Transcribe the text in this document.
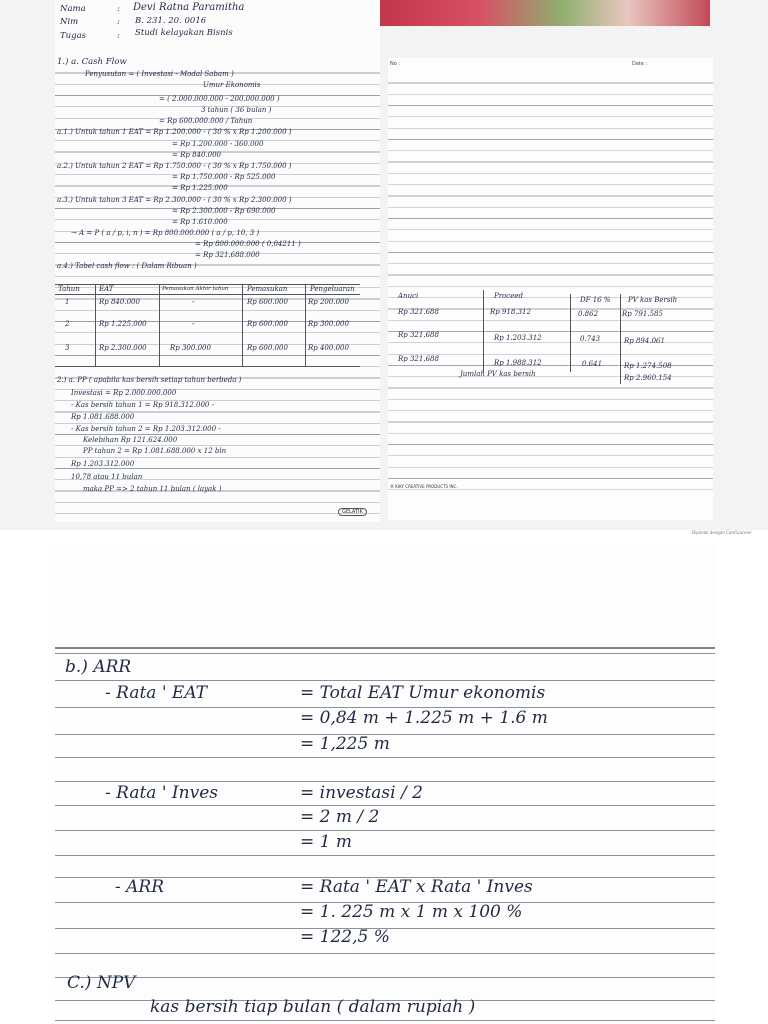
Nama	: Devi Ratna Paramitha
Nim	: B. 231. 20. 0016
Tugas	: Studi kelayakan Bisnis
1.) a. Cash Flow
Penyusutan = ( Investasi - Modal Sabam )
Umur Ekonomis
= ( 2.000.000.000 - 200.000.000 )
3 tahun ( 36 bulan )
= Rp 600.000.000 / Tahun
a.1.) Untuk tahun 1 EAT = Rp 1.200.000 - ( 30 % x Rp 1.200.000 )
= Rp 1.200.000 - 360.000
= Rp 840.000
a.2.) Untuk tahun 2 EAT = Rp 1.750.000 - ( 30 % x Rp 1.750.000 )
= Rp 1.750.000 - Rp 525.000
= Rp 1.225.000
a.3.) Untuk tahun 3 EAT = Rp 2.300.000 - ( 30 % x Rp 2.300.000 )
= Rp 2.300.000 - Rp 690.000
= Rp 1.610.000
→ A = P ( a / p, i, n ) = Rp 800.000.000 ( a / p, 10, 3 )
= Rp 800.000.000 ( 0,04211 )
= Rp 321.688.000
a.4.) Tabel cash flow : ( Dalam Ribuan )
Tahun	EAT	Pemasukan Akhir tahun	Pemasukan	Pengeluaran
1	Rp 840.000	-	Rp 600.000	Rp 200.000
2	Rp 1.225.000	-	Rp 600.000	Rp 300.000
3	Rp 2.300.000	Rp 300.000	Rp 600.000	Rp 400.000
2.) a. PP ( apabila kas bersih setiap tahun berbeda )
Investasi = Rp 2.000.000.000
- Kas bersih tahun 1 = Rp 918.312.000 -
Rp 1.081.688.000
- Kas bersih tahun 2 = Rp 1.203.312.000 -
Kelebihan Rp 121.624.000
PP tahun 2 = Rp 1.081.688.000 x 12 bln
Rp 1.203.312.000
10,78 atau 11 bulan
maka PP => 2 tahun 11 bulan ( layak )
GELATIK
No :	Date :
Anuci	Proceed	DF 16 %	PV kas Bersih
Rp 321.688	Rp 918.312	0.862	Rp 791.585
Rp 321.688	Rp 1.203.312	0.743	Rp 894.061
Rp 321.688	Rp 1.988.312	0.641	Rp 1.274.508
Jumlah PV kas bersih	Rp 2.960.154
® KIKY CREATIVE PRODUCTS INC.
Dipindai dengan CamScanner
b.) ARR
- Rata ' EAT	= Total EAT Umur ekonomis
= 0,84 m + 1.225 m + 1.6 m
= 1,225 m
- Rata ' Inves	= investasi / 2
= 2 m / 2
= 1 m
- ARR	= Rata ' EAT x Rata ' Inves
= 1. 225 m x 1 m x 100 %
= 122,5 %
C.) NPV
kas bersih tiap bulan ( dalam rupiah )
